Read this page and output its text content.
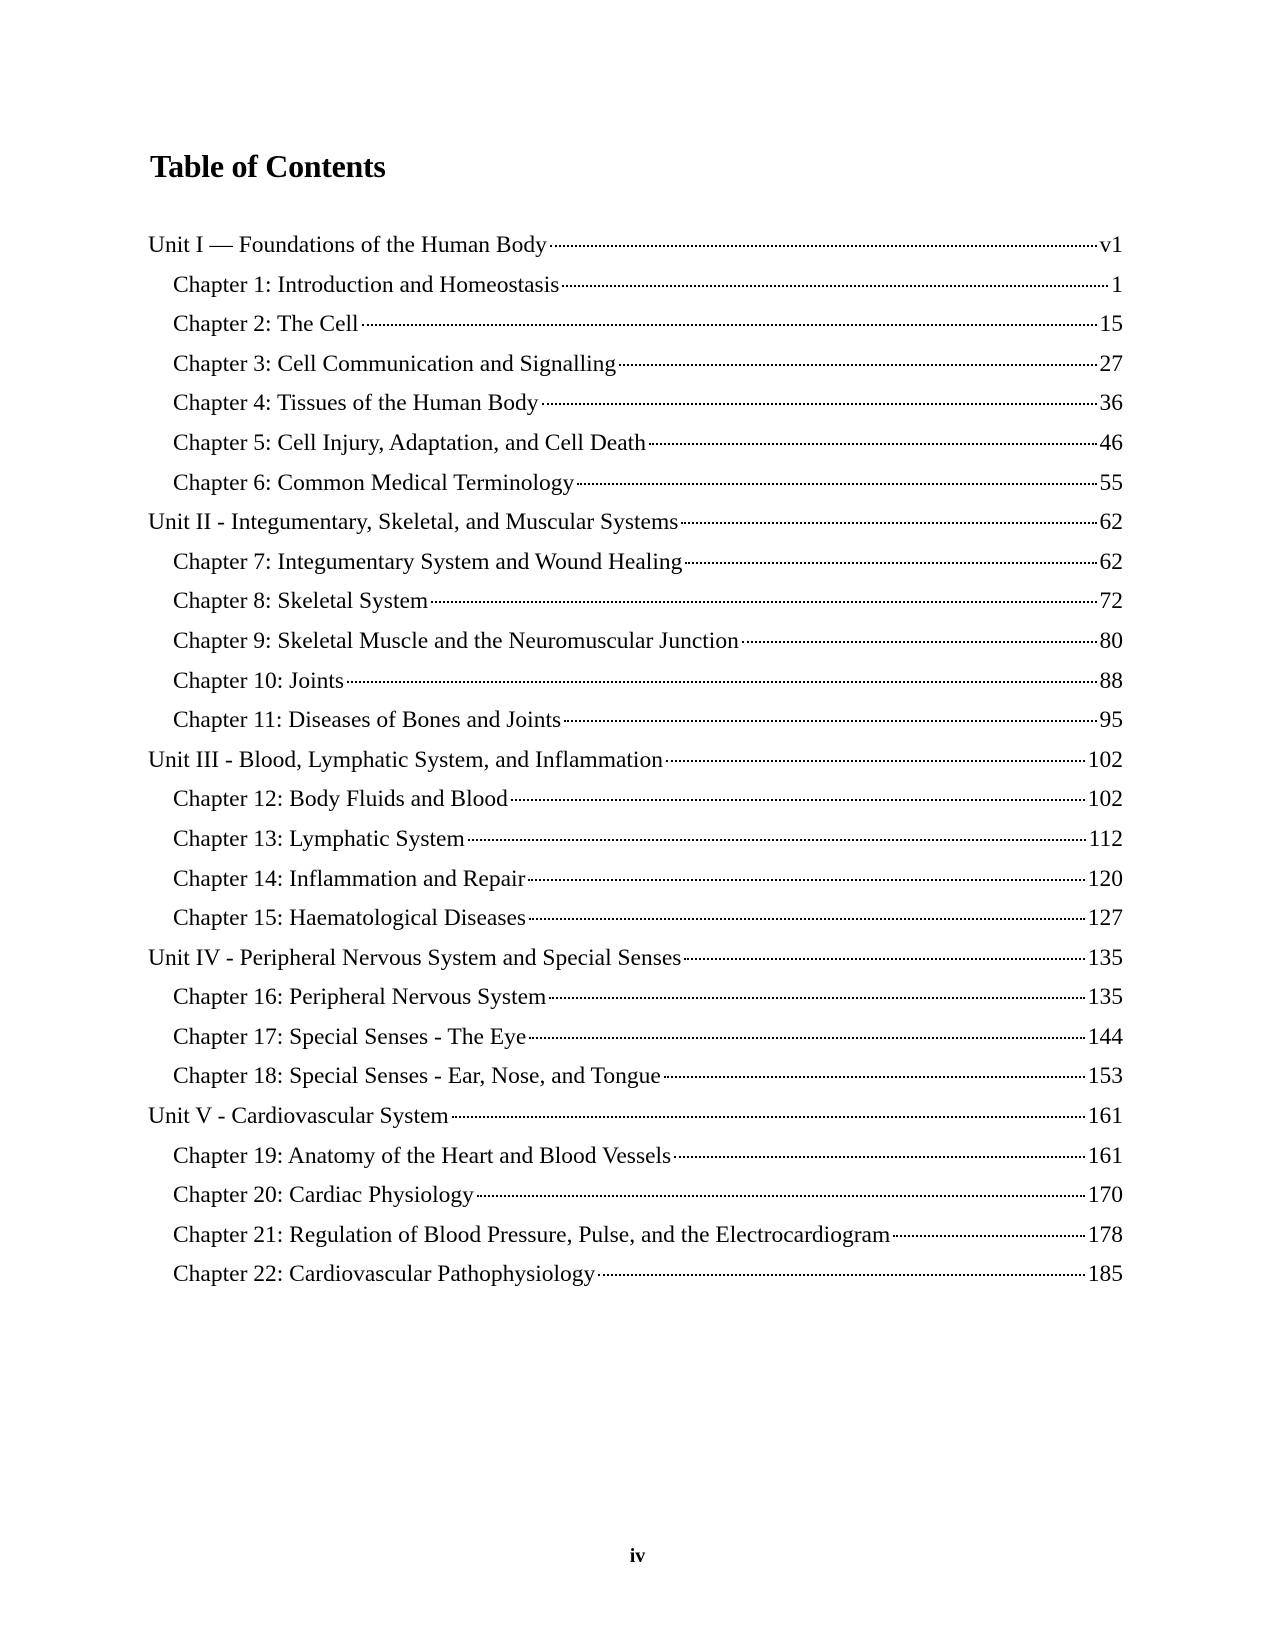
Table of Contents
Unit I — Foundations of the Human Body	v1
Chapter 1: Introduction and Homeostasis	1
Chapter 2: The Cell	15
Chapter 3: Cell Communication and Signalling	27
Chapter 4: Tissues of the Human Body	36
Chapter 5: Cell Injury, Adaptation, and Cell Death	46
Chapter 6: Common Medical Terminology	55
Unit II - Integumentary, Skeletal, and Muscular Systems	62
Chapter 7: Integumentary System and Wound Healing	62
Chapter 8: Skeletal System	72
Chapter 9: Skeletal Muscle and the Neuromuscular Junction	80
Chapter 10: Joints	88
Chapter 11: Diseases of Bones and Joints	95
Unit III - Blood, Lymphatic System, and Inflammation	102
Chapter 12: Body Fluids and Blood	102
Chapter 13: Lymphatic System	112
Chapter 14: Inflammation and Repair	120
Chapter 15: Haematological Diseases	127
Unit IV - Peripheral Nervous System and Special Senses	135
Chapter 16: Peripheral Nervous System	135
Chapter 17: Special Senses - The Eye	144
Chapter 18: Special Senses - Ear, Nose, and Tongue	153
Unit V - Cardiovascular System	161
Chapter 19: Anatomy of the Heart and Blood Vessels	161
Chapter 20: Cardiac Physiology	170
Chapter 21: Regulation of Blood Pressure, Pulse, and the Electrocardiogram	178
Chapter 22: Cardiovascular Pathophysiology	185
iv
